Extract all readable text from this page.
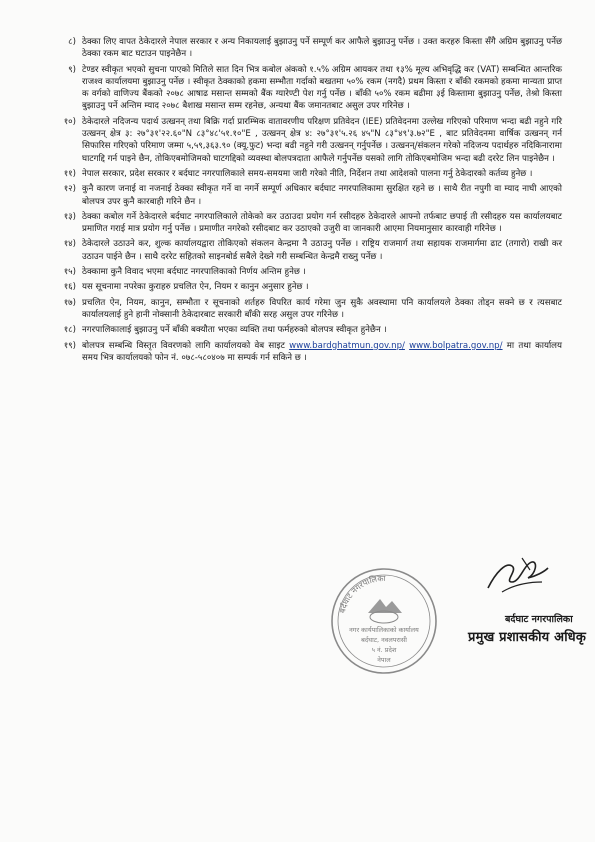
८) ठेक्का लिए वापत ठेकेदारले नेपाल सरकार र अन्य निकायलाई बुझाउनु पर्ने सम्पूर्ण कर आफैले बुझाउनु पर्नेछ । उक्त करहरु किस्ता सँगै अग्रिम बुझाउनु पर्नेछ ठेक्का रकम बाट घटाउन पाइनेछैन ।
९) टेण्डर स्वीकृत भएको सुचना पाएको मितिले सात दिन भित्र कबोल अंकको १.५% अग्रिम आयकर तथा १३% मूल्य अभिवृद्धि कर (VAT) सम्बन्धित आन्तरिक राजश्व कार्यालयमा बुझाउनु पर्नेछ । स्वीकृत ठेक्काको हकमा सम्भौता गर्दाको बखतमा ५०% रकम (नगदै) प्रथम किस्ता र बाँकी रकमको हकमा मान्यता प्राप्त क वर्गको वाणिज्य बैंकको २०७८ आषाढ मसान्त सम्मको बैंक ग्यारेण्टी पेश गर्नु पर्नेछ । बाँकी ५०% रकम बढीमा ३ई किस्तामा बुझाउनु पर्नेछ, तेश्रो किस्ता बुझाउनु पर्ने अन्तिम म्याद २०७८ बैशाख मसान्त सम्म रहनेछ, अन्यथा बैंक जमानतबाट असुल उपर गरिनेछ ।
१०) ठेकेदारले नदिजन्य पदार्थ उत्खनन् तथा बिक्रि गर्दा प्रारम्भिक वातावरणीय परिक्षण प्रतिवेदन (IEE) प्रतिवेदनमा उल्लेख गरिएको परिमाण भन्दा बढी नहुने गरि उत्खनन् क्षेत्र ३: २७°३१'२२.६०"N ८३°४८'५१.१०"E , उत्खनन् क्षेत्र ४: २७°३१'५.२६ ४५"N ८३°४९'३.७२"E , बाट प्रतिवेदनमा वार्षिक उत्खनन् गर्न सिफारिस गरिएको परिमाण जम्मा ५,५९,३६३.९० (क्यू.फुट) भन्दा बढी नहुने गरी उत्खनन् गर्नुपर्नेछ । उत्खनन्/संकलन गरेको नदिजन्य पदार्थहरु नदिकिनारामा घाटगद्दि गर्न पाइने छैन, तोकिएबमोजिमको घाटगद्दिको व्यवस्था बोलपत्रदाता आफैले गर्नुपर्नेछ यसको लागि तोकिएबमोजिम भन्दा बढी दररेट लिन पाइनेछैन ।
११) नेपाल सरकार, प्रदेश सरकार र बर्दघाट नगरपालिकाले समय-समयमा जारी गरेको नीति, निर्देशन तथा आदेशको पालना गर्नु ठेकेदारको कर्तव्य हुनेछ ।
१२) कुनै कारण जनाई वा नजनाई ठेक्का स्वीकृत गर्ने वा नगर्ने सम्पूर्ण अधिकार बर्दघाट नगरपालिकामा सुरक्षित रहने छ । साथै रीत नपुगी वा म्याद नाघी आएको बोलपत्र उपर कुनै कारबाही गरिने छैन ।
१३) ठेक्का कबोल गर्ने ठेकेदारले बर्दघाट नगरपालिकाले तोकेको कर उठाउदा प्रयोग गर्न रसीदहरु ठेकेदारले आफ्नो तर्फबाट छपाई ती रसीदहरु यस कार्यालयबाट प्रमाणित गराई मात्र प्रयोग गर्नु पर्नेछ । प्रमाणीत नगरेको रसीदबाट कर उठाएको उजुरी वा जानकारी आएमा नियमानुसार कारवाही गरिनेछ ।
१४) ठेकेदारले उठाउने कर, शुल्क कार्यालयद्वारा तोकिएको संकलन केन्द्रमा नै उठाउनु पर्नेछ । राष्ट्रिय राजमार्ग तथा सहायक राजमार्गमा ढाट (तगारो) राखी कर उठाउन पाईने छैन । साथै दररेट सहितको साइनबोर्ड सबैले देख्ने गरी सम्बन्धित केन्द्रमै राख्नु पर्नेछ ।
१५) ठेक्कामा कुनै विवाद भएमा बर्दघाट नगरपालिकाको निर्णय अन्तिम हुनेछ ।
१६) यस सूचनामा नपरेका कुराहरु प्रचलित ऐन, नियम र कानुन अनुसार हुनेछ ।
१७) प्रचलित ऐन, नियम, कानुन, सम्भौता र सूचनाको शर्तहरु विपरित कार्य गरेमा जुन सुकै अवस्थामा पनि कार्यालयले ठेक्का तोड्न सक्ने छ र त्यसबाट कार्यालयलाई हुने हानी नोक्सानी ठेकेदारबाट सरकारी बाँकी सरह असुल उपर गरिनेछ ।
१८) नगरपालिकालाई बुझाउनु पर्ने बाँकी बक्यौता भएका व्यक्ति तथा फर्महरुको बोलपत्र स्वीकृत हुनेछैन ।
१९) बोलपत्र सम्बन्धि विस्तृत विवरणको लागि कार्यालयको वेब साइट www.bardghatmun.gov.np/ www.bolpatra.gov.np/ मा तथा कार्यालय समय भित्र कार्यालयको फोन नं. ०७८-५८०४०७ मा सम्पर्क गर्न सकिने छ ।
बर्दघाट नगरपालिका
नगर कार्यपालिकाको कार्यालय
बर्दघाट, नवलपरासी
५ नं. प्रदेश
नेपाल
बर्दघाट नगरपालिका
प्रमुख प्रशासकीय अधिकृ
